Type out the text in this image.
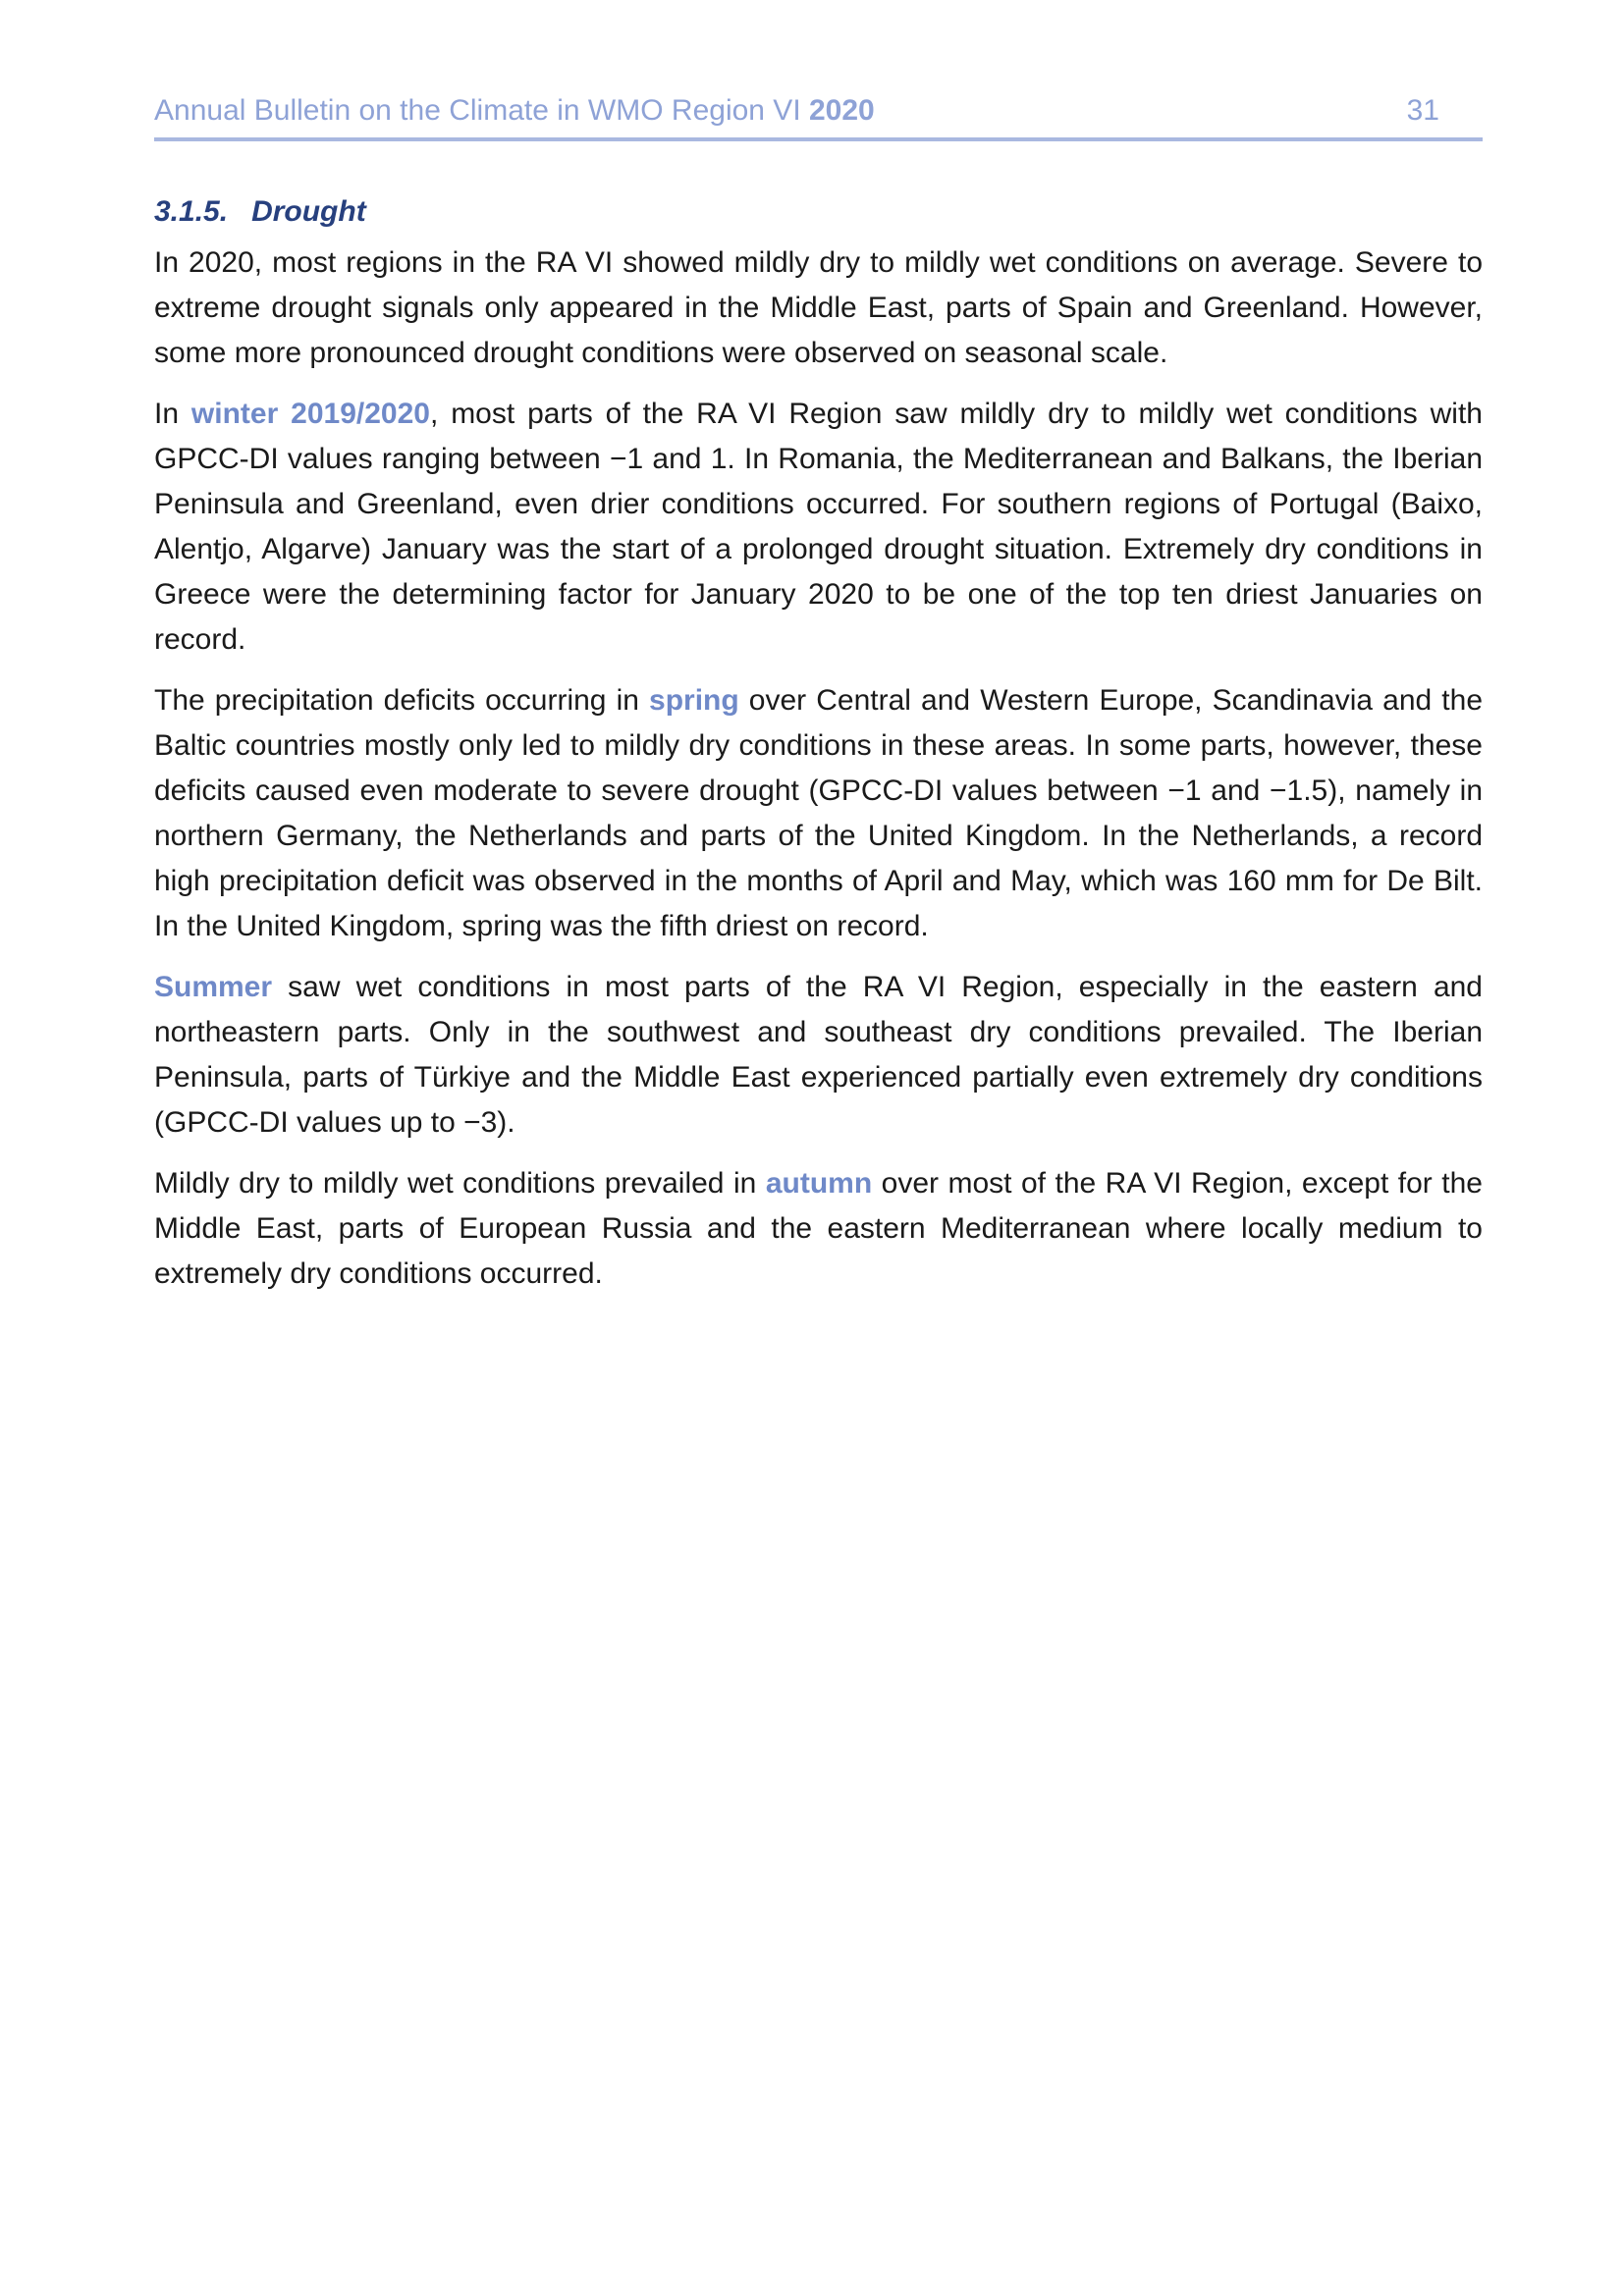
Annual Bulletin on the Climate in WMO Region VI 2020	31
3.1.5. Drought

In 2020, most regions in the RA VI showed mildly dry to mildly wet conditions on average. Severe to extreme drought signals only appeared in the Middle East, parts of Spain and Greenland. However, some more pronounced drought conditions were observed on seasonal scale.

In winter 2019/2020, most parts of the RA VI Region saw mildly dry to mildly wet conditions with GPCC-DI values ranging between −1 and 1. In Romania, the Mediterranean and Balkans, the Iberian Peninsula and Greenland, even drier conditions occurred. For southern regions of Portugal (Baixo, Alentjo, Algarve) January was the start of a prolonged drought situation. Extremely dry conditions in Greece were the determining factor for January 2020 to be one of the top ten driest Januaries on record.

The precipitation deficits occurring in spring over Central and Western Europe, Scandinavia and the Baltic countries mostly only led to mildly dry conditions in these areas. In some parts, however, these deficits caused even moderate to severe drought (GPCC-DI values between −1 and −1.5), namely in northern Germany, the Netherlands and parts of the United Kingdom. In the Netherlands, a record high precipitation deficit was observed in the months of April and May, which was 160 mm for De Bilt. In the United Kingdom, spring was the fifth driest on record.

Summer saw wet conditions in most parts of the RA VI Region, especially in the eastern and northeastern parts. Only in the southwest and southeast dry conditions prevailed. The Iberian Peninsula, parts of Türkiye and the Middle East experienced partially even extremely dry conditions (GPCC-DI values up to −3).

Mildly dry to mildly wet conditions prevailed in autumn over most of the RA VI Region, except for the Middle East, parts of European Russia and the eastern Mediterranean where locally medium to extremely dry conditions occurred.
